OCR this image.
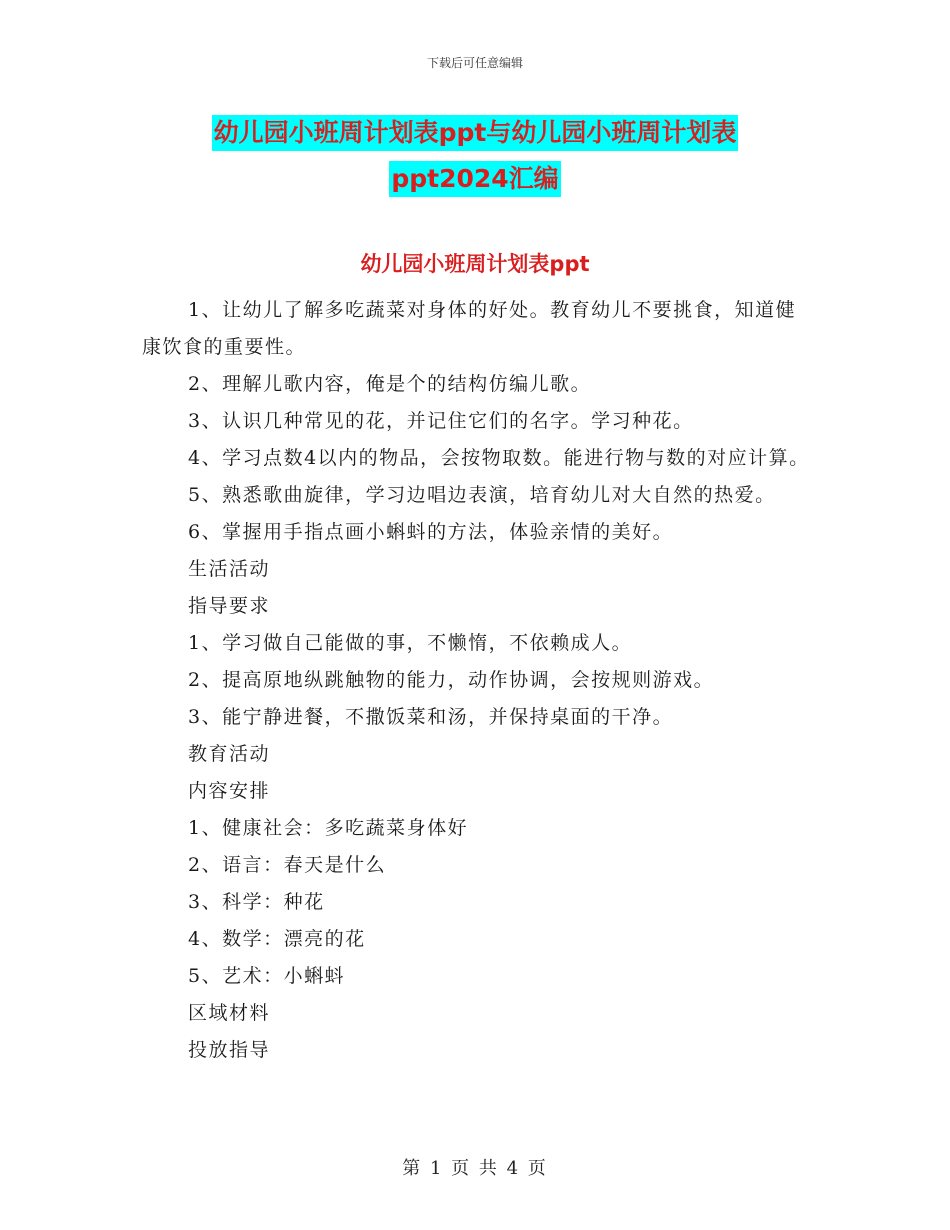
下载后可任意编辑
幼儿园小班周计划表ppt与幼儿园小班周计划表
ppt2024汇编
幼儿园小班周计划表ppt

1、让幼儿了解多吃蔬菜对身体的好处。教育幼儿不要挑食，知道健康饮食的重要性。

2、理解儿歌内容，俺是个的结构仿编儿歌。

3、认识几种常见的花，并记住它们的名字。学习种花。

4、学习点数4以内的物品，会按物取数。能进行物与数的对应计算。

5、熟悉歌曲旋律，学习边唱边表演，培育幼儿对大自然的热爱。

6、掌握用手指点画小蝌蚪的方法，体验亲情的美好。

生活活动

指导要求

1、学习做自己能做的事，不懒惰，不依赖成人。

2、提高原地纵跳触物的能力，动作协调，会按规则游戏。

3、能宁静进餐，不撒饭菜和汤，并保持桌面的干净。

教育活动

内容安排

1、健康社会：多吃蔬菜身体好

2、语言：春天是什么

3、科学：种花

4、数学：漂亮的花

5、艺术：小蝌蚪

区域材料

投放指导

第 1 页 共 4 页
